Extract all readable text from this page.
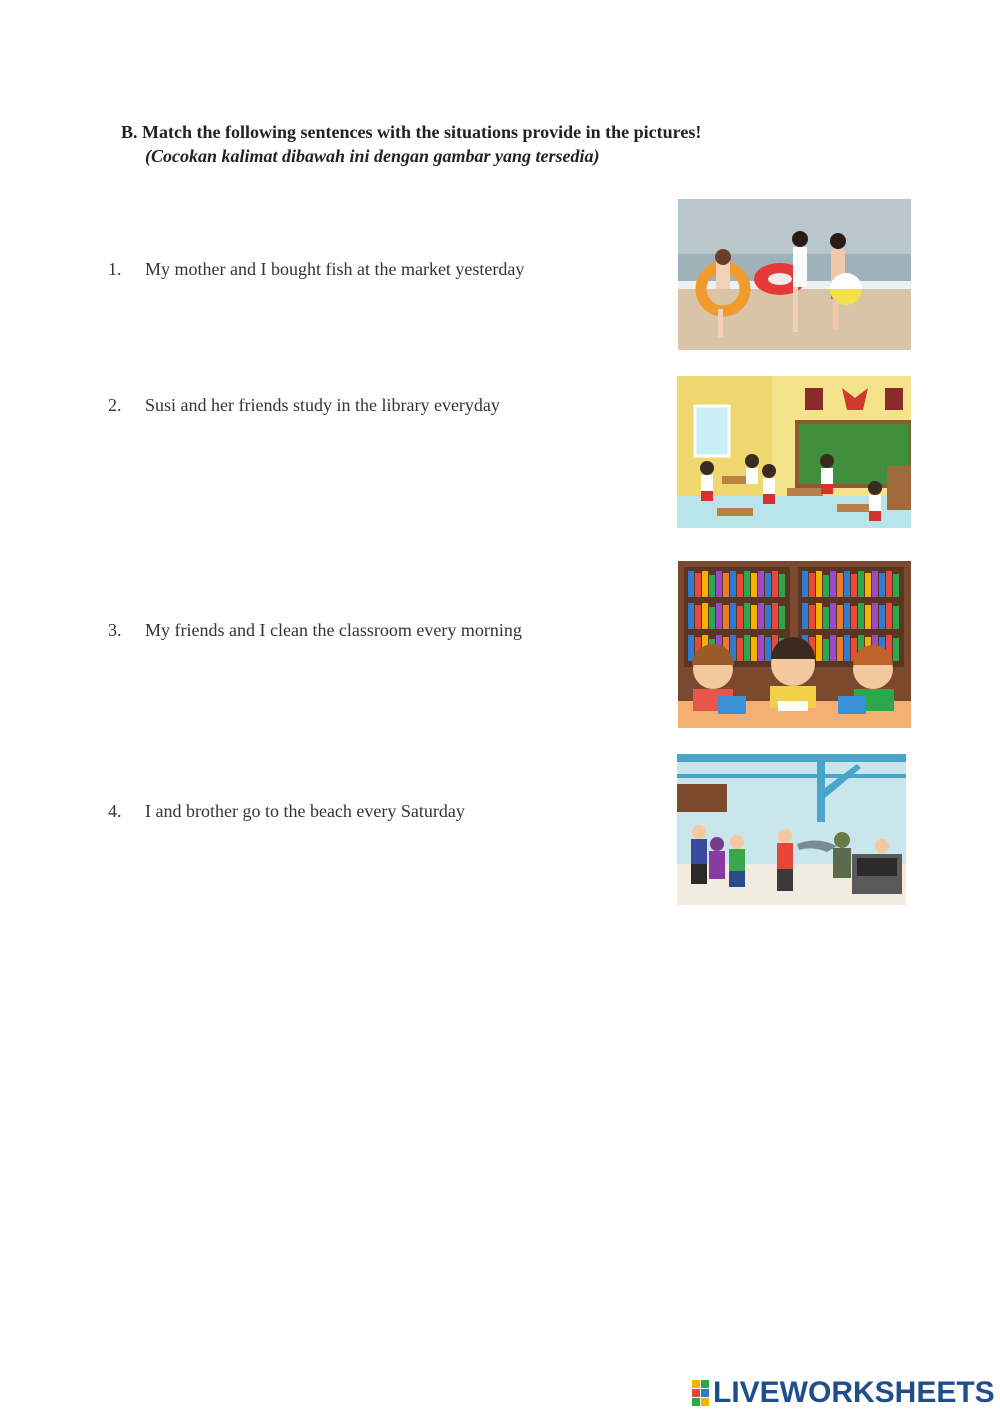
B. Match the following sentences with the situations provide in the pictures!
(Cocokan kalimat dibawah ini dengan gambar yang tersedia)
1. My mother and I bought fish at the market yesterday
2. Susi and her friends study in the library everyday
3. My friends and I clean the classroom every morning
4. I and brother go to the beach every Saturday
LIVEWORKSHEETS
